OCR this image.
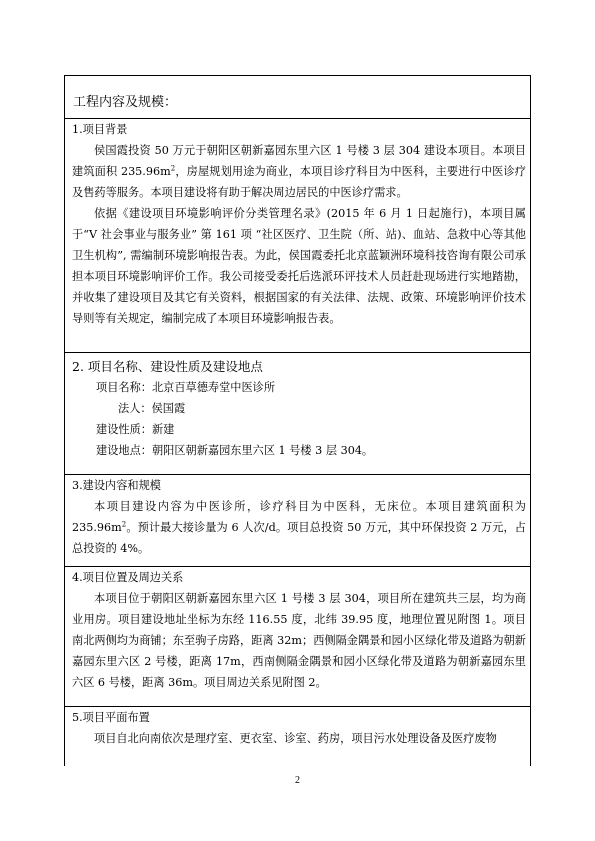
工程内容及规模：

1.项目背景

侯国霞投资 50 万元于朝阳区朝新嘉园东里六区 1 号楼 3 层 304 建设本项目。本项目建筑面积 $235.96m^2$，房屋规划用途为商业，本项目诊疗科目为中医科，主要进行中医诊疗及售药等服务。本项目建设将有助于解决周边居民的中医诊疗需求。

依据《建设项目环境影响评价分类管理名录》(2015 年 6 月 1 日起施行)，本项目属于“V 社会事业与服务业” 第 161 项 “社区医疗、卫生院（所、站)、血站、急救中心等其他卫生机构”, 需编制环境影响报告表。为此，侯国霞委托北京蓝颖洲环境科技咨询有限公司承担本项目环境影响评价工作。我公司接受委托后选派环评技术人员赶赴现场进行实地踏勘，并收集了建设项目及其它有关资料，根据国家的有关法律、法规、政策、环境影响评价技术导则等有关规定，编制完成了本项目环境影响报告表。

2. 项目名称、建设性质及建设地点

项目名称：北京百草德寿堂中医诊所

法人：侯国霞

建设性质：新建

建设地点：朝阳区朝新嘉园东里六区 1 号楼 3 层 304。

3.建设内容和规模

本项目建设内容为中医诊所，诊疗科目为中医科，无床位。本项目建筑面积为 $235.96m^2$。预计最大接诊量为 6 人次/d。项目总投资 50 万元，其中环保投资 2 万元，占总投资的 4%。

4.项目位置及周边关系

本项目位于朝阳区朝新嘉园东里六区 1 号楼 3 层 304，项目所在建筑共三层，均为商业用房。项目建设地址坐标为东经 116.55 度，北纬 39.95 度，地理位置见附图 1。项目南北两侧均为商铺；东至驹子房路，距离 32m；西侧隔金隅景和园小区绿化带及道路为朝新嘉园东里六区 2 号楼，距离 17m，西南侧隔金隅景和园小区绿化带及道路为朝新嘉园东里六区 6 号楼，距离 36m。项目周边关系见附图 2。

5.项目平面布置

项目自北向南依次是理疗室、更衣室、诊室、药房，项目污水处理设备及医疗废物

2
